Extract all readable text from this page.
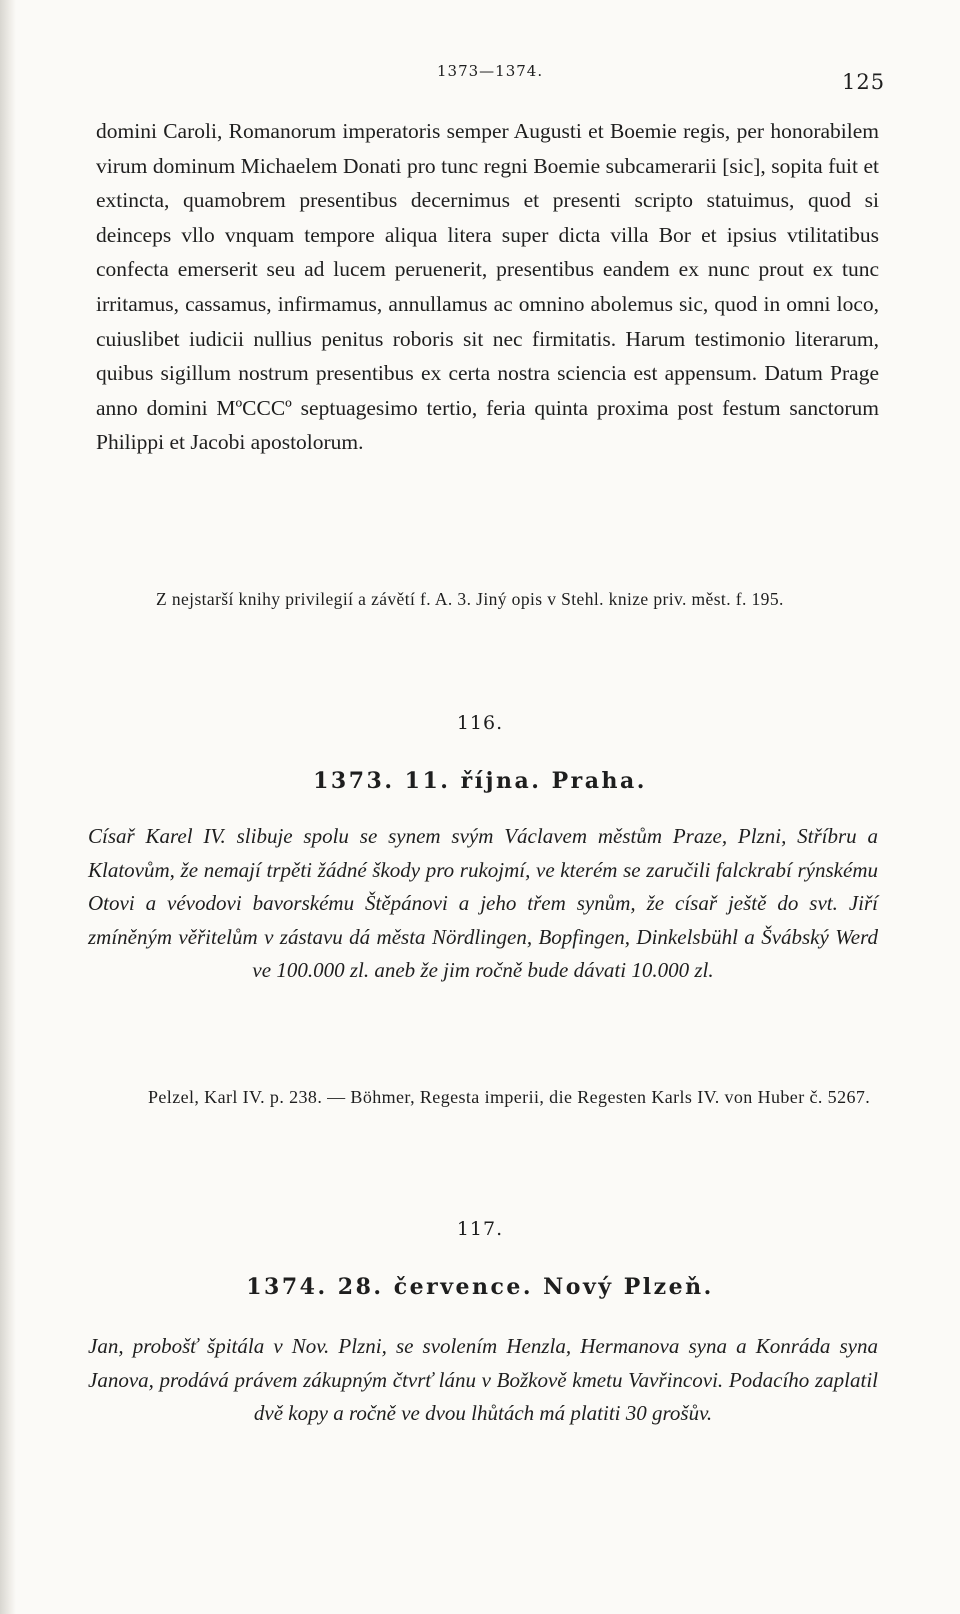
1373—1374.	125

domini Caroli, Romanorum imperatoris semper Augusti et Boemie regis, per honorabilem virum dominum Michaelem Donati pro tunc regni Boemie subcamerarii [sic], sopita fuit et extincta, quamobrem presentibus decernimus et presenti scripto statuimus, quod si deinceps vllo vnquam tempore aliqua litera super dicta villa Bor et ipsius vtilitatibus confecta emerserit seu ad lucem peruenerit, presentibus eandem ex nunc prout ex tunc irritamus, cassamus, infirmamus, annullamus ac omnino abolemus sic, quod in omni loco, cuiuslibet iudicii nullius penitus roboris sit nec firmitatis. Harum testimonio literarum, quibus sigillum nostrum presentibus ex certa nostra sciencia est appensum. Datum Prage anno domini MºCCCº septuagesimo tertio, feria quinta proxima post festum sanctorum Philippi et Jacobi apostolorum.

Z nejstarší knihy privilegií a závětí f. A. 3. Jiný opis v Stehl. knize priv. měst. f. 195.
116.
1373. 11. října. Praha.
Císař Karel IV. slibuje spolu se synem svým Václavem městům Praze, Plzni, Stříbru a Klatovům, že nemají trpěti žádné škody pro rukojmí, ve kterém se zaručili falckrabí rýnskému Otovi a vévodovi bavorskému Štěpánovi a jeho třem synům, že císař ještě do svt. Jiří zmíněným věřitelům v zástavu dá města Nördlingen, Bopfingen, Dinkelsbühl a Švábský Werd ve 100.000 zl. aneb že jim ročně bude dávati 10.000 zl.
Pelzel, Karl IV. p. 238. — Böhmer, Regesta imperii, die Regesten Karls IV. von Huber č. 5267.
117.
1374. 28. července. Nový Plzeň.
Jan, probošť špitála v Nov. Plzni, se svolením Henzla, Hermanova syna a Konráda syna Janova, prodává právem zákupným čtvrť lánu v Božkově kmetu Vavřincovi. Podacího zaplatil dvě kopy a ročně ve dvou lhůtách má platiti 30 grošův.
